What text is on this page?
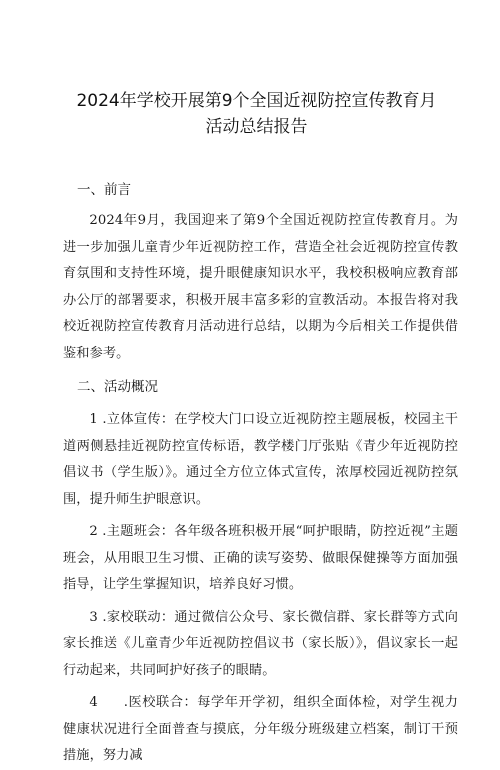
2024年学校开展第9个全国近视防控宣传教育月
活动总结报告
一、前言

2024年9月，我国迎来了第9个全国近视防控宣传教育月。为进一步加强儿童青少年近视防控工作，营造全社会近视防控宣传教育氛围和支持性环境，提升眼健康知识水平，我校积极响应教育部办公厅的部署要求，积极开展丰富多彩的宣教活动。本报告将对我校近视防控宣传教育月活动进行总结，以期为今后相关工作提供借鉴和参考。

二、活动概况

1 .立体宣传：在学校大门口设立近视防控主题展板，校园主干道两侧悬挂近视防控宣传标语，教学楼门厅张贴《青少年近视防控倡议书（学生版）》。通过全方位立体式宣传，浓厚校园近视防控氛围，提升师生护眼意识。

2 .主题班会：各年级各班积极开展“呵护眼睛，防控近视”主题班会，从用眼卫生习惯、正确的读写姿势、做眼保健操等方面加强指导，让学生掌握知识，培养良好习惯。

3 .家校联动：通过微信公众号、家长微信群、家长群等方式向家长推送《儿童青少年近视防控倡议书（家长版）》，倡议家长一起行动起来，共同呵护好孩子的眼睛。

4 .医校联合：每学年开学初，组织全面体检，对学生视力健康状况进行全面普查与摸底，分年级分班级建立档案，制订干预措施，努力减
